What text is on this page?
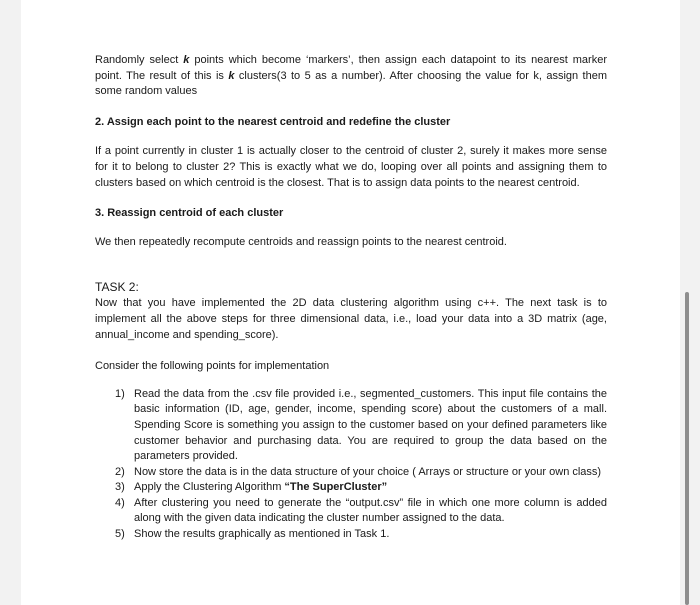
Randomly select k points which become ‘markers’, then assign each datapoint to its nearest marker point. The result of this is k clusters(3 to 5 as a number). After choosing the value for k, assign them some random values

2. Assign each point to the nearest centroid and redefine the cluster

If a point currently in cluster 1 is actually closer to the centroid of cluster 2, surely it makes more sense for it to belong to cluster 2? This is exactly what we do, looping over all points and assigning them to clusters based on which centroid is the closest. That is to assign data points to the nearest centroid.

3. Reassign centroid of each cluster

We then repeatedly recompute centroids and reassign points to the nearest centroid.

TASK 2:

Now that you have implemented the 2D data clustering algorithm using c++. The next task is to implement all the above steps for three dimensional data, i.e., load your data into a 3D matrix (age, annual_income and spending_score).

Consider the following points for implementation

1) Read the data from the .csv file provided i.e., segmented_customers. This input file contains the basic information (ID, age, gender, income, spending score) about the customers of a mall. Spending Score is something you assign to the customer based on your defined parameters like customer behavior and purchasing data. You are required to group the data based on the parameters provided.
2) Now store the data is in the data structure of your choice ( Arrays or structure or your own class)
3) Apply the Clustering Algorithm “The SuperCluster”
4) After clustering you need to generate the “output.csv” file in which one more column is added along with the given data indicating the cluster number assigned to the data.
5) Show the results graphically as mentioned in Task 1.
